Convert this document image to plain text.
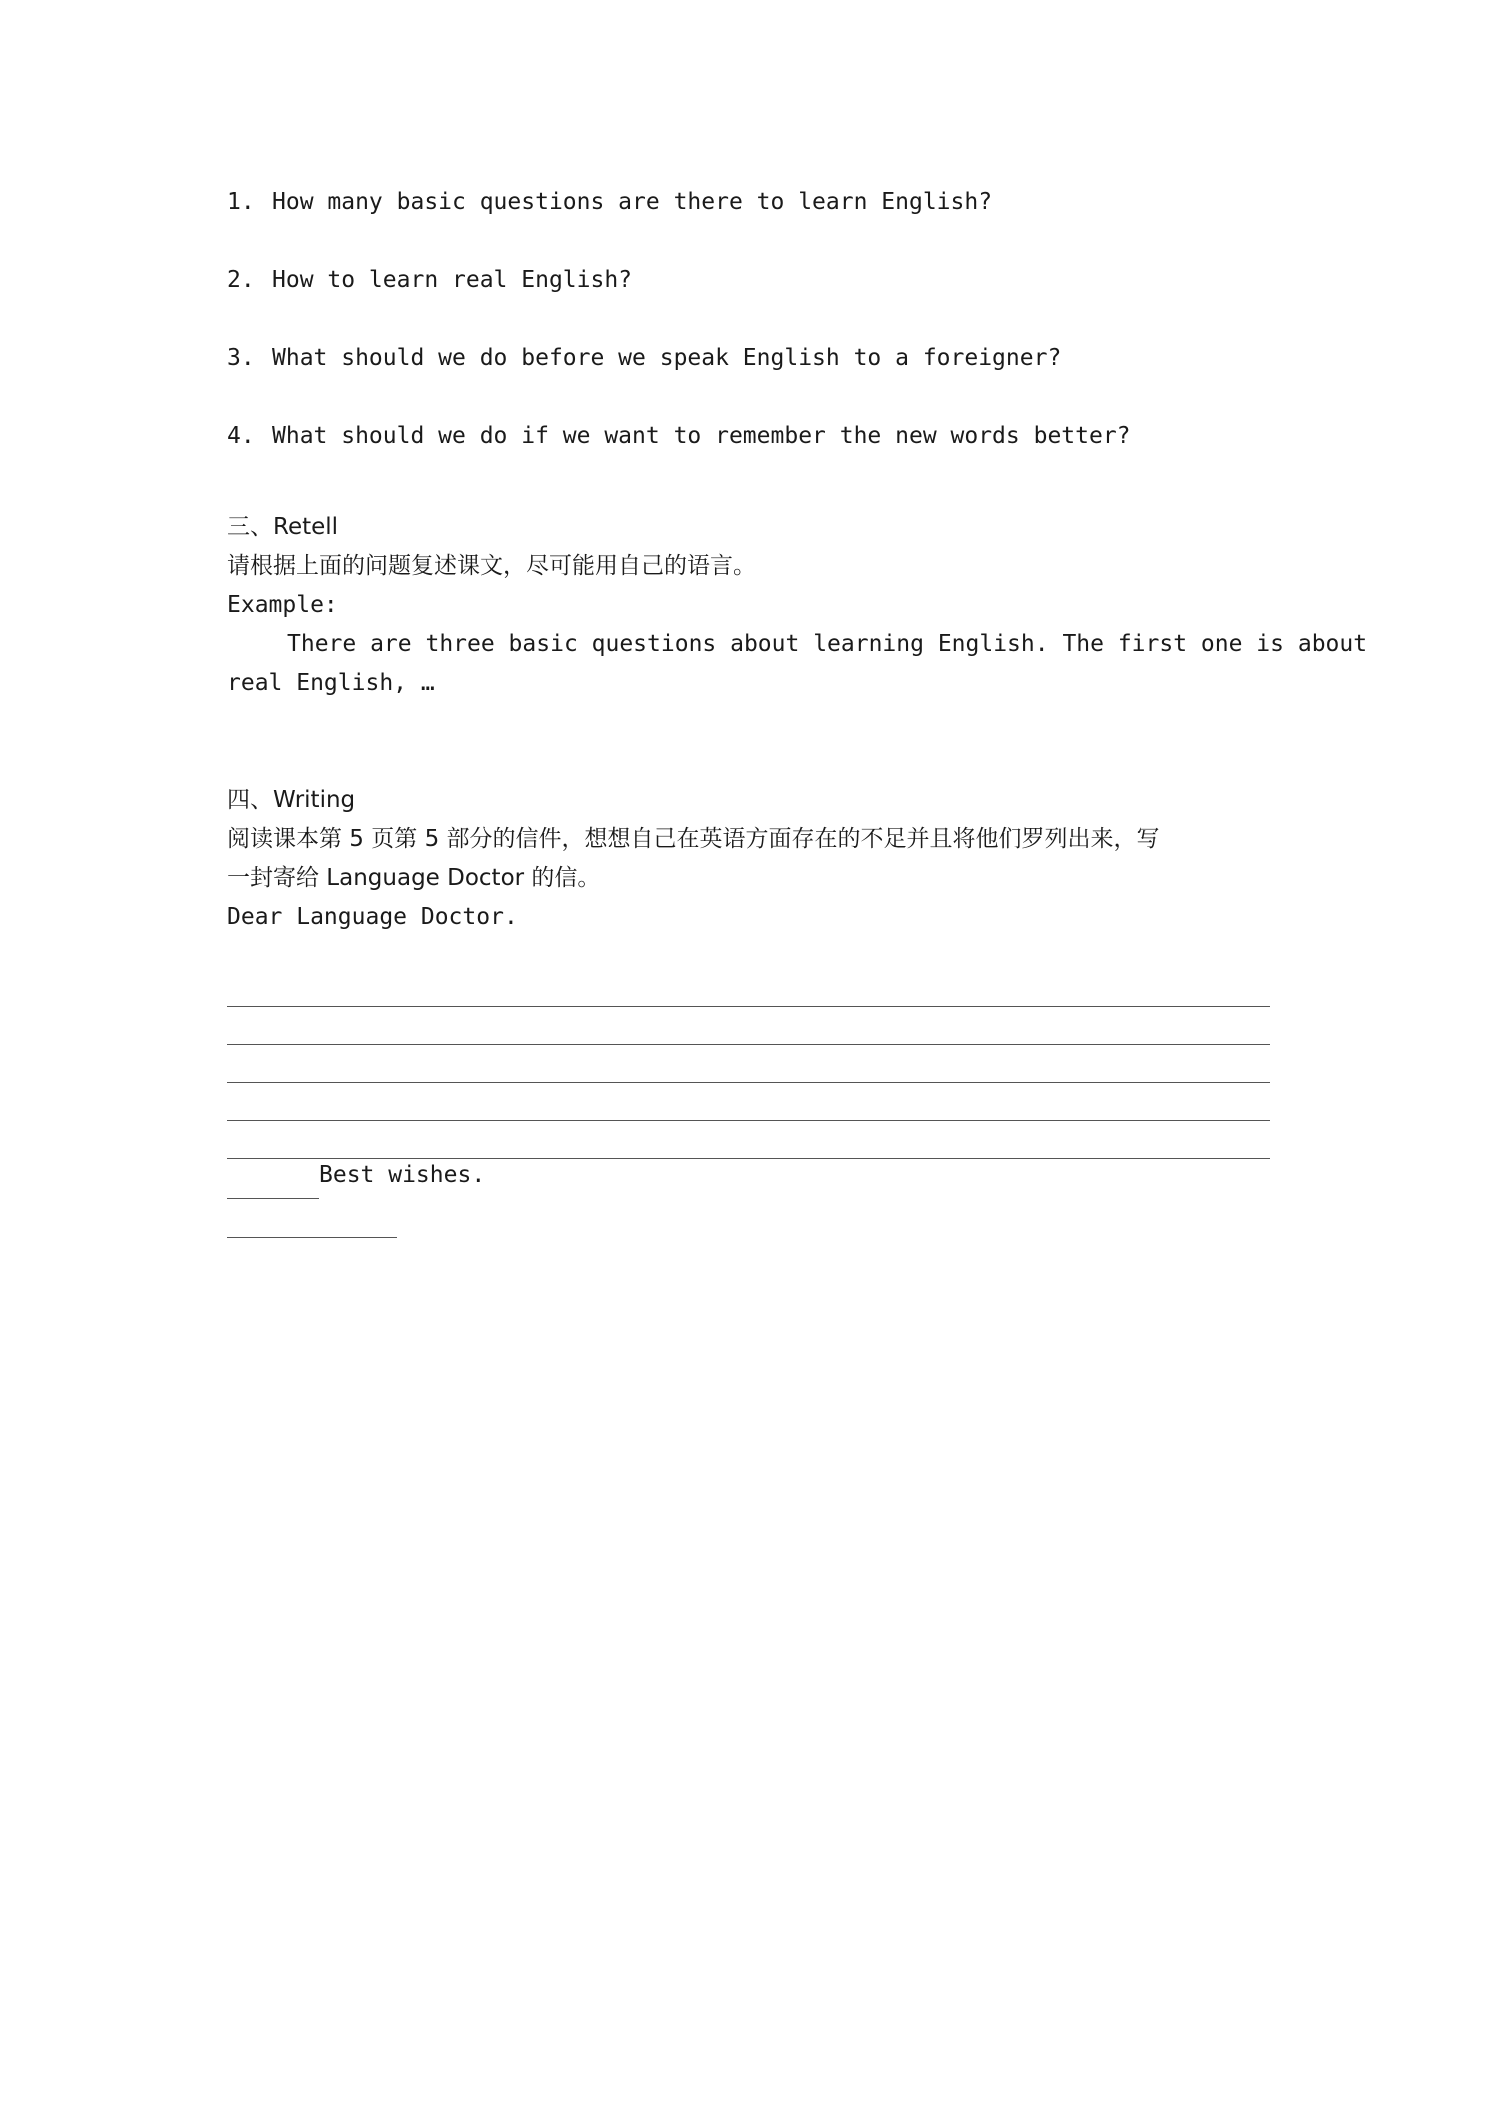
1. How many basic questions are there to learn English?
2. How to learn real English?
3. What should we do before we speak English to a foreigner?
4. What should we do if we want to remember the new words better?
三、Retell
请根据上面的问题复述课文，尽可能用自己的语言。
Example:
There are three basic questions about learning English. The first one is about
real English, …
四、Writing
阅读课本第 5 页第 5 部分的信件，想想自己在英语方面存在的不足并且将他们罗列出来，写
一封寄给 Language Doctor 的信。
Dear Language Doctor.
Best wishes.
